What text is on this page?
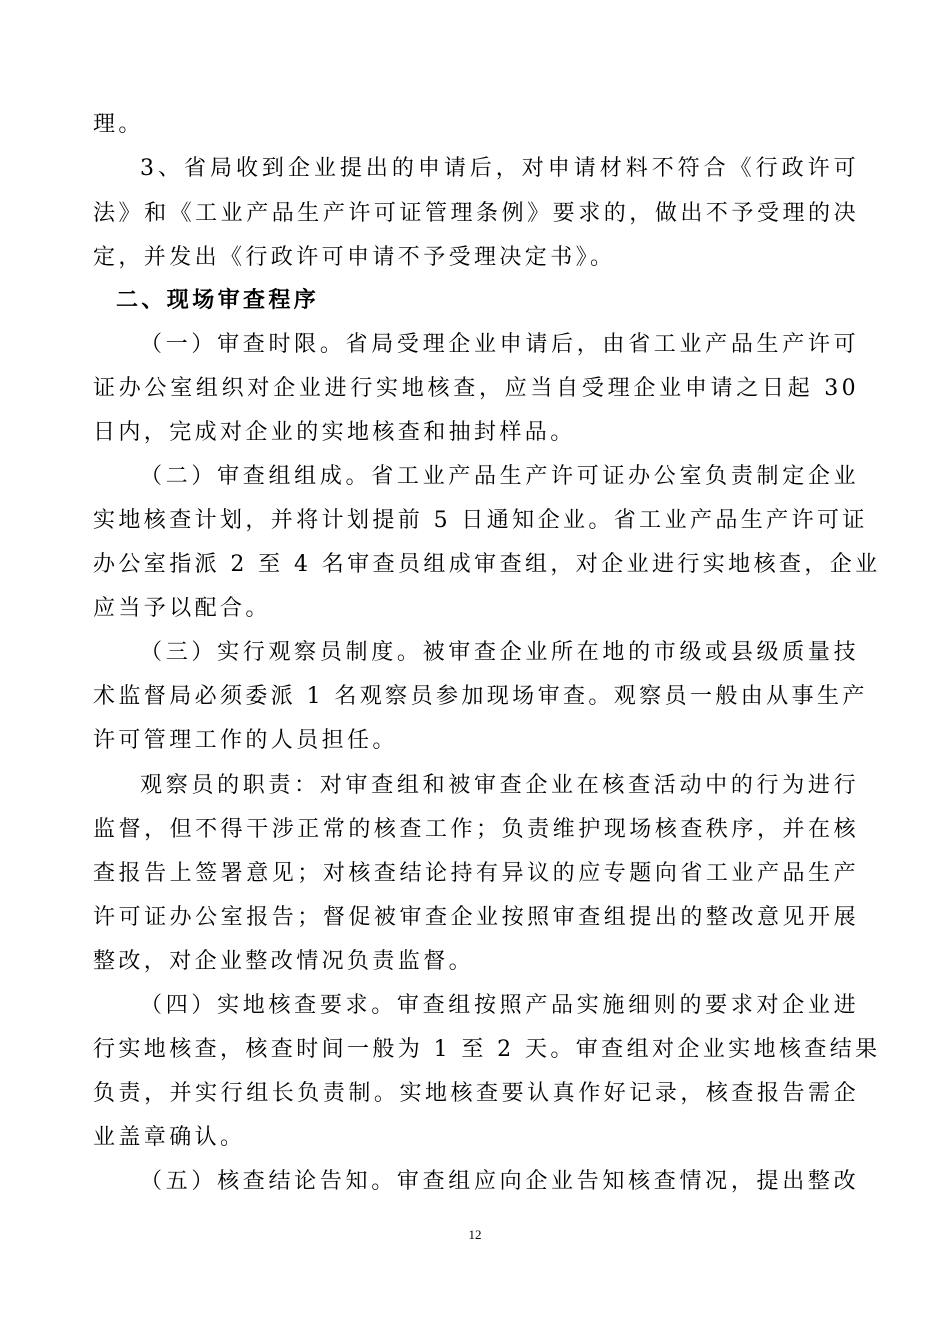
理。
3、省局收到企业提出的申请后，对申请材料不符合《行政许可
法》和《工业产品生产许可证管理条例》要求的，做出不予受理的决
定，并发出《行政许可申请不予受理决定书》。
二、现场审查程序
（一）审查时限。省局受理企业申请后，由省工业产品生产许可
证办公室组织对企业进行实地核查，应当自受理企业申请之日起 30
日内，完成对企业的实地核查和抽封样品。
（二）审查组组成。省工业产品生产许可证办公室负责制定企业
实地核查计划，并将计划提前 5 日通知企业。省工业产品生产许可证
办公室指派 2 至 4 名审查员组成审查组，对企业进行实地核查，企业
应当予以配合。
（三）实行观察员制度。被审查企业所在地的市级或县级质量技
术监督局必须委派 1 名观察员参加现场审查。观察员一般由从事生产
许可管理工作的人员担任。
观察员的职责：对审查组和被审查企业在核查活动中的行为进行
监督，但不得干涉正常的核查工作；负责维护现场核查秩序，并在核
查报告上签署意见；对核查结论持有异议的应专题向省工业产品生产
许可证办公室报告；督促被审查企业按照审查组提出的整改意见开展
整改，对企业整改情况负责监督。
（四）实地核查要求。审查组按照产品实施细则的要求对企业进
行实地核查，核查时间一般为 1 至 2 天。审查组对企业实地核查结果
负责，并实行组长负责制。实地核查要认真作好记录，核查报告需企
业盖章确认。
（五）核查结论告知。审查组应向企业告知核查情况，提出整改
12
